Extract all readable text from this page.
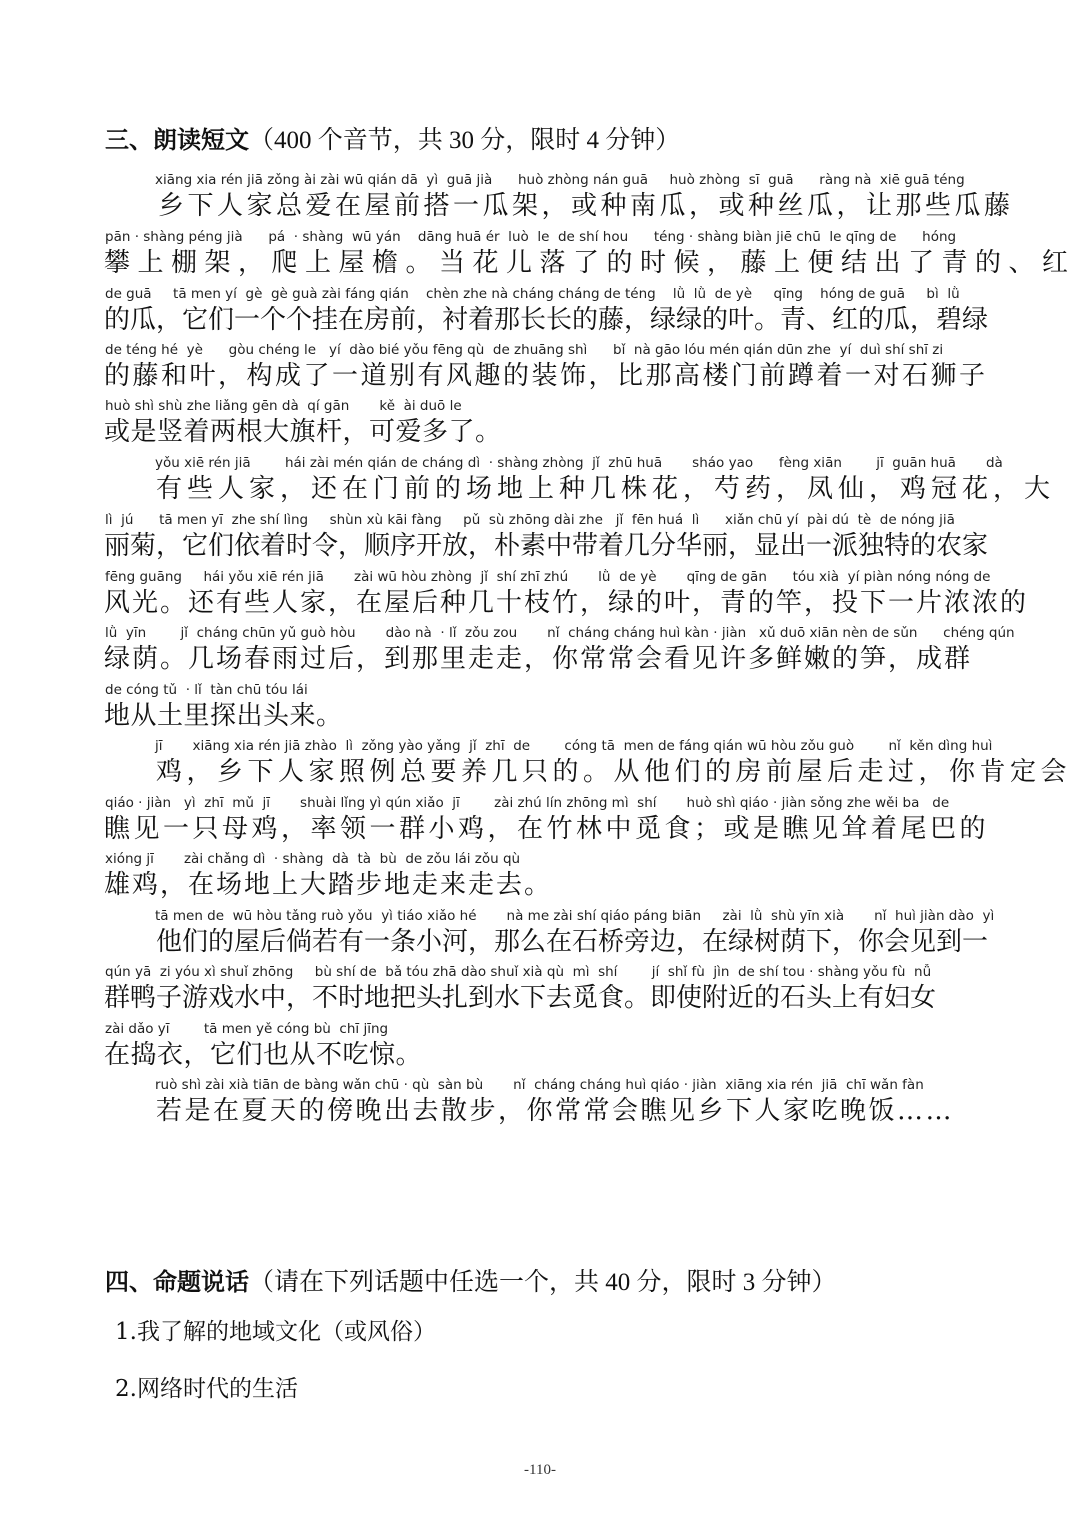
三、朗读短文（400 个音节，共 30 分，限时 4 分钟）
xiāng xia rén jiā zǒng ài zài wū qián dā  yì  guā jià      huò zhòng nán guā     huò zhòng  sī  guā      ràng nà  xiē guā téng
乡下人家总爱在屋前搭一瓜架，或种南瓜，或种丝瓜，让那些瓜藤
pān · shàng péng jià      pá  · shàng  wū yán    dāng huā ér  luò  le  de shí hou      téng · shàng biàn jiē chū  le qīng de      hóng
攀上棚架，爬上屋檐。当花儿落了的时候，藤上便结出了青的、红
de guā     tā men yí  gè  gè guà zài fáng qián    chèn zhe nà cháng cháng de téng    lǜ  lǜ  de yè     qīng    hóng de guā     bì  lǜ
的瓜，它们一个个挂在房前，衬着那长长的藤，绿绿的叶。青、红的瓜，碧绿
de téng hé  yè      gòu chéng le   yí  dào bié yǒu fēng qù  de zhuāng shì      bǐ  nà gāo lóu mén qián dūn zhe  yí  duì shí shī zi
的藤和叶，构成了一道别有风趣的装饰，比那高楼门前蹲着一对石狮子
huò shì shù zhe liǎng gēn dà  qí gān       kě  ài duō le
或是竖着两根大旗杆，可爱多了。
yǒu xiē rén jiā        hái zài mén qián de cháng dì  · shàng zhòng  jǐ  zhū huā       sháo yao      fèng xiān        jī  guān huā       dà
有些人家，还在门前的场地上种几株花，芍药，凤仙，鸡冠花，大
lì  jú      tā men yī  zhe shí lìng     shùn xù kāi fàng     pǔ  sù zhōng dài zhe   jǐ  fēn huá  lì      xiǎn chū yí  pài dú  tè  de nóng jiā
丽菊，它们依着时令，顺序开放，朴素中带着几分华丽，显出一派独特的农家
fēng guāng     hái yǒu xiē rén jiā       zài wū hòu zhòng  jǐ  shí zhī zhú       lǜ  de yè       qīng de gān      tóu xià  yí piàn nóng nóng de
风光。还有些人家，在屋后种几十枝竹，绿的叶，青的竿，投下一片浓浓的
lǜ  yīn        jǐ  cháng chūn yǔ guò hòu       dào nà  · lǐ  zǒu zou       nǐ  cháng cháng huì kàn · jiàn   xǔ duō xiān nèn de sǔn      chéng qún
绿荫。几场春雨过后，到那里走走，你常常会看见许多鲜嫩的笋，成群
de cóng tǔ  · lǐ  tàn chū tóu lái
地从土里探出头来。
jī       xiāng xia rén jiā zhào  lì  zǒng yào yǎng  jǐ  zhī  de        cóng tā  men de fáng qián wū hòu zǒu guò        nǐ  kěn dìng huì
鸡，乡下人家照例总要养几只的。从他们的房前屋后走过，你肯定会
qiáo · jiàn   yì  zhī  mǔ  jī       shuài lǐng yì qún xiǎo  jī        zài zhú lín zhōng mì  shí       huò shì qiáo · jiàn sǒng zhe wěi ba   de
瞧见一只母鸡，率领一群小鸡，在竹林中觅食；或是瞧见耸着尾巴的
xióng jī       zài chǎng dì  · shàng  dà  tà  bù  de zǒu lái zǒu qù
雄鸡，在场地上大踏步地走来走去。
tā men de  wū hòu tǎng ruò yǒu  yì tiáo xiǎo hé       nà me zài shí qiáo páng biān     zài  lǜ  shù yīn xià       nǐ  huì jiàn dào  yì
他们的屋后倘若有一条小河，那么在石桥旁边，在绿树荫下，你会见到一
qún yā  zi yóu xì shuǐ zhōng     bù shí de  bǎ tóu zhā dào shuǐ xià qù  mì  shí        jí  shǐ fù  jìn  de shí tou · shàng yǒu fù  nǚ
群鸭子游戏水中，不时地把头扎到水下去觅食。即使附近的石头上有妇女
zài dǎo yī        tā men yě cóng bù  chī jīng
在捣衣，它们也从不吃惊。
ruò shì zài xià tiān de bàng wǎn chū · qù  sàn bù       nǐ  cháng cháng huì qiáo · jiàn  xiāng xia rén  jiā  chī wǎn fàn
若是在夏天的傍晚出去散步，你常常会瞧见乡下人家吃晚饭……
四、命题说话（请在下列话题中任选一个，共 40 分，限时 3 分钟）
1.我了解的地域文化（或风俗）
2.网络时代的生活
-110-
